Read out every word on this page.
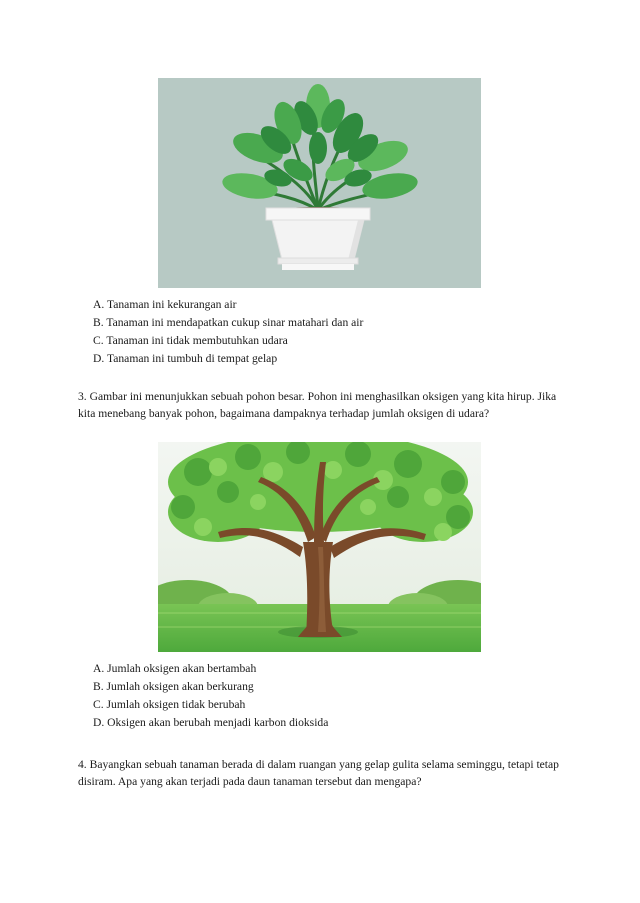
A. Tanaman ini kekurangan air
B. Tanaman ini mendapatkan cukup sinar matahari dan air
C. Tanaman ini tidak membutuhkan udara
D. Tanaman ini tumbuh di tempat gelap

3. Gambar ini menunjukkan sebuah pohon besar. Pohon ini menghasilkan oksigen yang kita hirup. Jika kita menebang banyak pohon, bagaimana dampaknya terhadap jumlah oksigen di udara?

A. Jumlah oksigen akan bertambah
B. Jumlah oksigen akan berkurang
C. Jumlah oksigen tidak berubah
D. Oksigen akan berubah menjadi karbon dioksida

4. Bayangkan sebuah tanaman berada di dalam ruangan yang gelap gulita selama seminggu, tetapi tetap disiram. Apa yang akan terjadi pada daun tanaman tersebut dan mengapa?
